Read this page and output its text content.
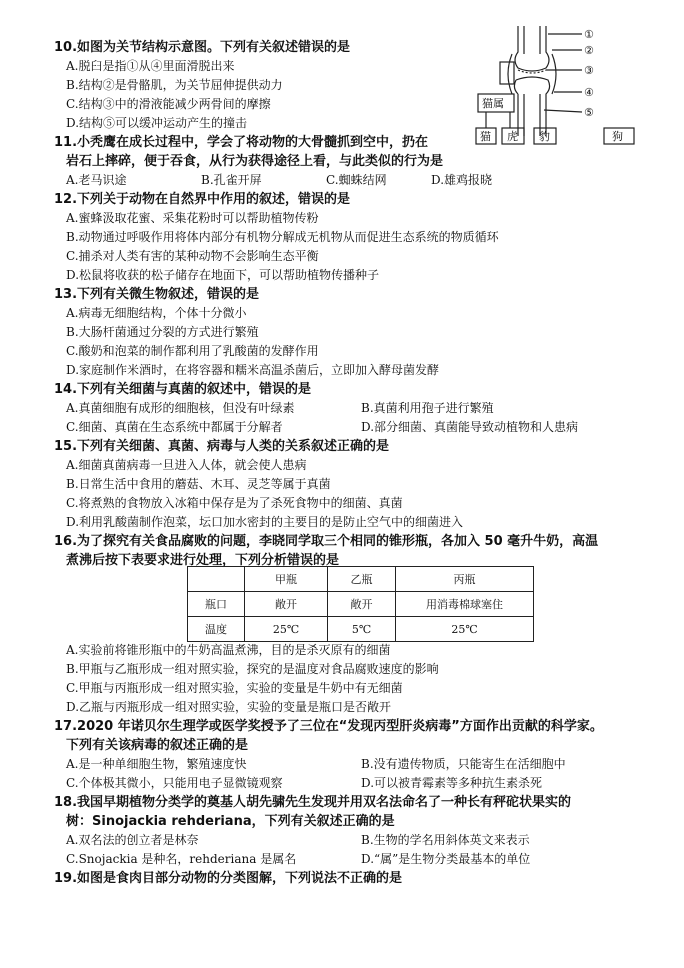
10.如图为关节结构示意图。下列有关叙述错误的是
A.脱臼是指①从④里面滑脱出来
B.结构②是骨骼肌，为关节屈伸提供动力
C.结构③中的滑液能减少两骨间的摩擦
D.结构⑤可以缓冲运动产生的撞击
①
②
③
④
⑤
猫属
猫 虎 豹	狗
11.小秃鹰在成长过程中，学会了将动物的大骨髓抓到空中，扔在
岩石上摔碎，便于吞食，从行为获得途径上看，与此类似的行为是
A.老马识途	B.孔雀开屏	C.蜘蛛结网	D.雄鸡报晓
12.下列关于动物在自然界中作用的叙述，错误的是
A.蜜蜂汲取花蜜、采集花粉时可以帮助植物传粉
B.动物通过呼吸作用将体内部分有机物分解成无机物从而促进生态系统的物质循环
C.捕杀对人类有害的某种动物不会影响生态平衡
D.松鼠将收获的松子储存在地面下，可以帮助植物传播种子
13.下列有关微生物叙述，错误的是
A.病毒无细胞结构，个体十分微小
B.大肠杆菌通过分裂的方式进行繁殖
C.酸奶和泡菜的制作都利用了乳酸菌的发酵作用
D.家庭制作米酒时，在将容器和糯米高温杀菌后，立即加入酵母菌发酵
14.下列有关细菌与真菌的叙述中，错误的是
A.真菌细胞有成形的细胞核，但没有叶绿素	B.真菌利用孢子进行繁殖
C.细菌、真菌在生态系统中都属于分解者	D.部分细菌、真菌能导致动植物和人患病
15.下列有关细菌、真菌、病毒与人类的关系叙述正确的是
A.细菌真菌病毒一旦进入人体，就会使人患病
B.日常生活中食用的蘑菇、木耳、灵芝等属于真菌
C.将煮熟的食物放入冰箱中保存是为了杀死食物中的细菌、真菌
D.利用乳酸菌制作泡菜，坛口加水密封的主要目的是防止空气中的细菌进入
16.为了探究有关食品腐败的问题，李晓同学取三个相同的锥形瓶，各加入 50 毫升牛奶，高温
煮沸后按下表要求进行处理，下列分析错误的是
	甲瓶	乙瓶	丙瓶
瓶口	敞开	敞开	用消毒棉球塞住
温度	25℃	5℃	25℃
A.实验前将锥形瓶中的牛奶高温煮沸，目的是杀灭原有的细菌
B.甲瓶与乙瓶形成一组对照实验，探究的是温度对食品腐败速度的影响
C.甲瓶与丙瓶形成一组对照实验，实验的变量是牛奶中有无细菌
D.乙瓶与丙瓶形成一组对照实验，实验的变量是瓶口是否敞开
17.2020 年诺贝尔生理学或医学奖授予了三位在“发现丙型肝炎病毒”方面作出贡献的科学家。
下列有关该病毒的叙述正确的是
A.是一种单细胞生物，繁殖速度快	B.没有遗传物质，只能寄生在活细胞中
C.个体极其微小，只能用电子显微镜观察	D.可以被青霉素等多种抗生素杀死
18.我国早期植物分类学的奠基人胡先骕先生发现并用双名法命名了一种长有秤砣状果实的
树：Sinojackia rehderiana，下列有关叙述正确的是
A.双名法的创立者是林奈	B.生物的学名用斜体英文来表示
C.Snojackia 是种名，rehderiana 是属名	D.“属”是生物分类最基本的单位
19.如图是食肉目部分动物的分类图解，下列说法不正确的是
